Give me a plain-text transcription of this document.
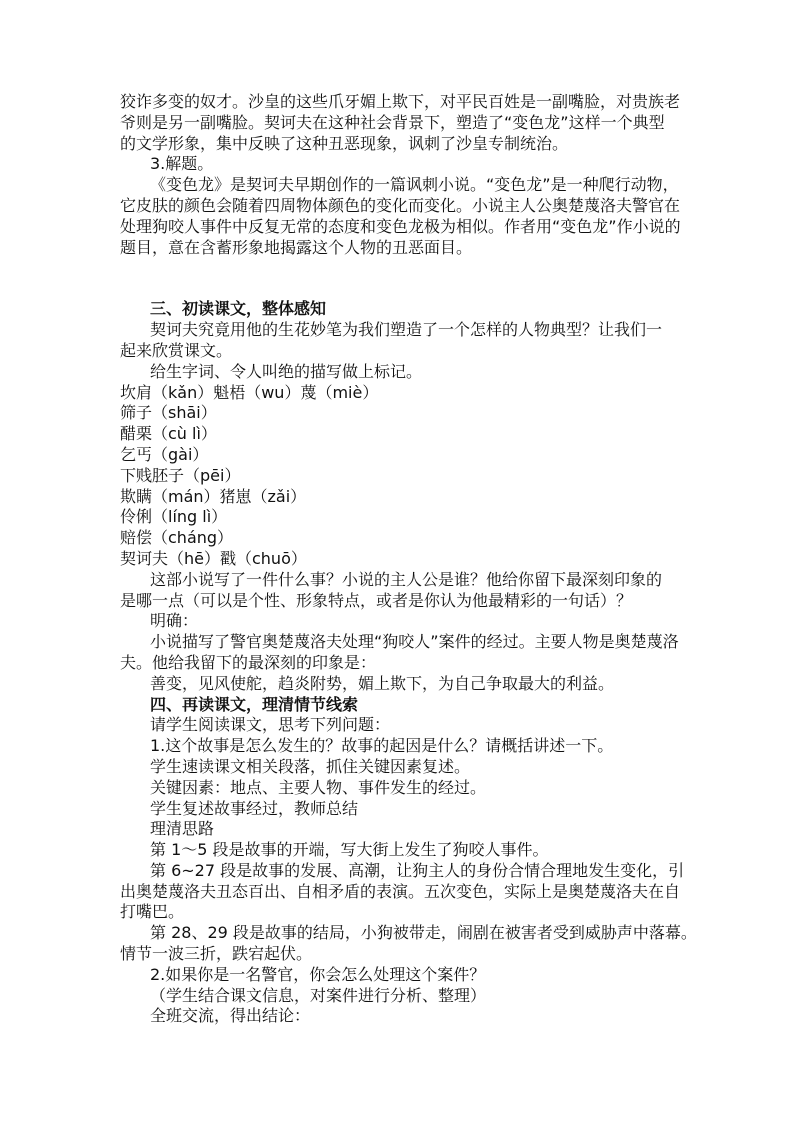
狡诈多变的奴才。沙皇的这些爪牙媚上欺下，对平民百姓是一副嘴脸，对贵族老

爷则是另一副嘴脸。契诃夫在这种社会背景下，塑造了“变色龙”这样一个典型

的文学形象，集中反映了这种丑恶现象，讽刺了沙皇专制统治。

3.解题。

《变色龙》是契诃夫早期创作的一篇讽刺小说。“变色龙”是一种爬行动物，

它皮肤的颜色会随着四周物体颜色的变化而变化。小说主人公奥楚蔑洛夫警官在

处理狗咬人事件中反复无常的态度和变色龙极为相似。作者用“变色龙”作小说的

题目，意在含蓄形象地揭露这个人物的丑恶面目。

三、初读课文，整体感知

契诃夫究竟用他的生花妙笔为我们塑造了一个怎样的人物典型？让我们一

起来欣赏课文。

给生字词、令人叫绝的描写做上标记。

坎肩（kǎn）魁梧（wu）蔑（miè）

筛子（shāi）

醋栗（cù lì）

乞丐（gài）

下贱胚子（pēi）

欺瞒（mán）猪崽（zǎi）

伶俐（líng lì）

赔偿（cháng）

契诃夫（hē）戳（chuō）

这部小说写了一件什么事？小说的主人公是谁？他给你留下最深刻印象的

是哪一点（可以是个性、形象特点，或者是你认为他最精彩的一句话）？

明确：

小说描写了警官奥楚蔑洛夫处理“狗咬人”案件的经过。主要人物是奥楚蔑洛

夫。他给我留下的最深刻的印象是：

善变，见风使舵，趋炎附势，媚上欺下，为自己争取最大的利益。

四、再读课文，理清情节线索

请学生阅读课文，思考下列问题：

1.这个故事是怎么发生的？故事的起因是什么？请概括讲述一下。

学生速读课文相关段落，抓住关键因素复述。

关键因素：地点、主要人物、事件发生的经过。

学生复述故事经过，教师总结

理清思路

第 1～5 段是故事的开端，写大街上发生了狗咬人事件。

第 6~27 段是故事的发展、高潮，让狗主人的身份合情合理地发生变化，引

出奥楚蔑洛夫丑态百出、自相矛盾的表演。五次变色，实际上是奥楚蔑洛夫在自

打嘴巴。

第 28、29 段是故事的结局，小狗被带走，闹剧在被害者受到威胁声中落幕。

情节一波三折，跌宕起伏。

2.如果你是一名警官，你会怎么处理这个案件？

（学生结合课文信息，对案件进行分析、整理）

全班交流，得出结论：
